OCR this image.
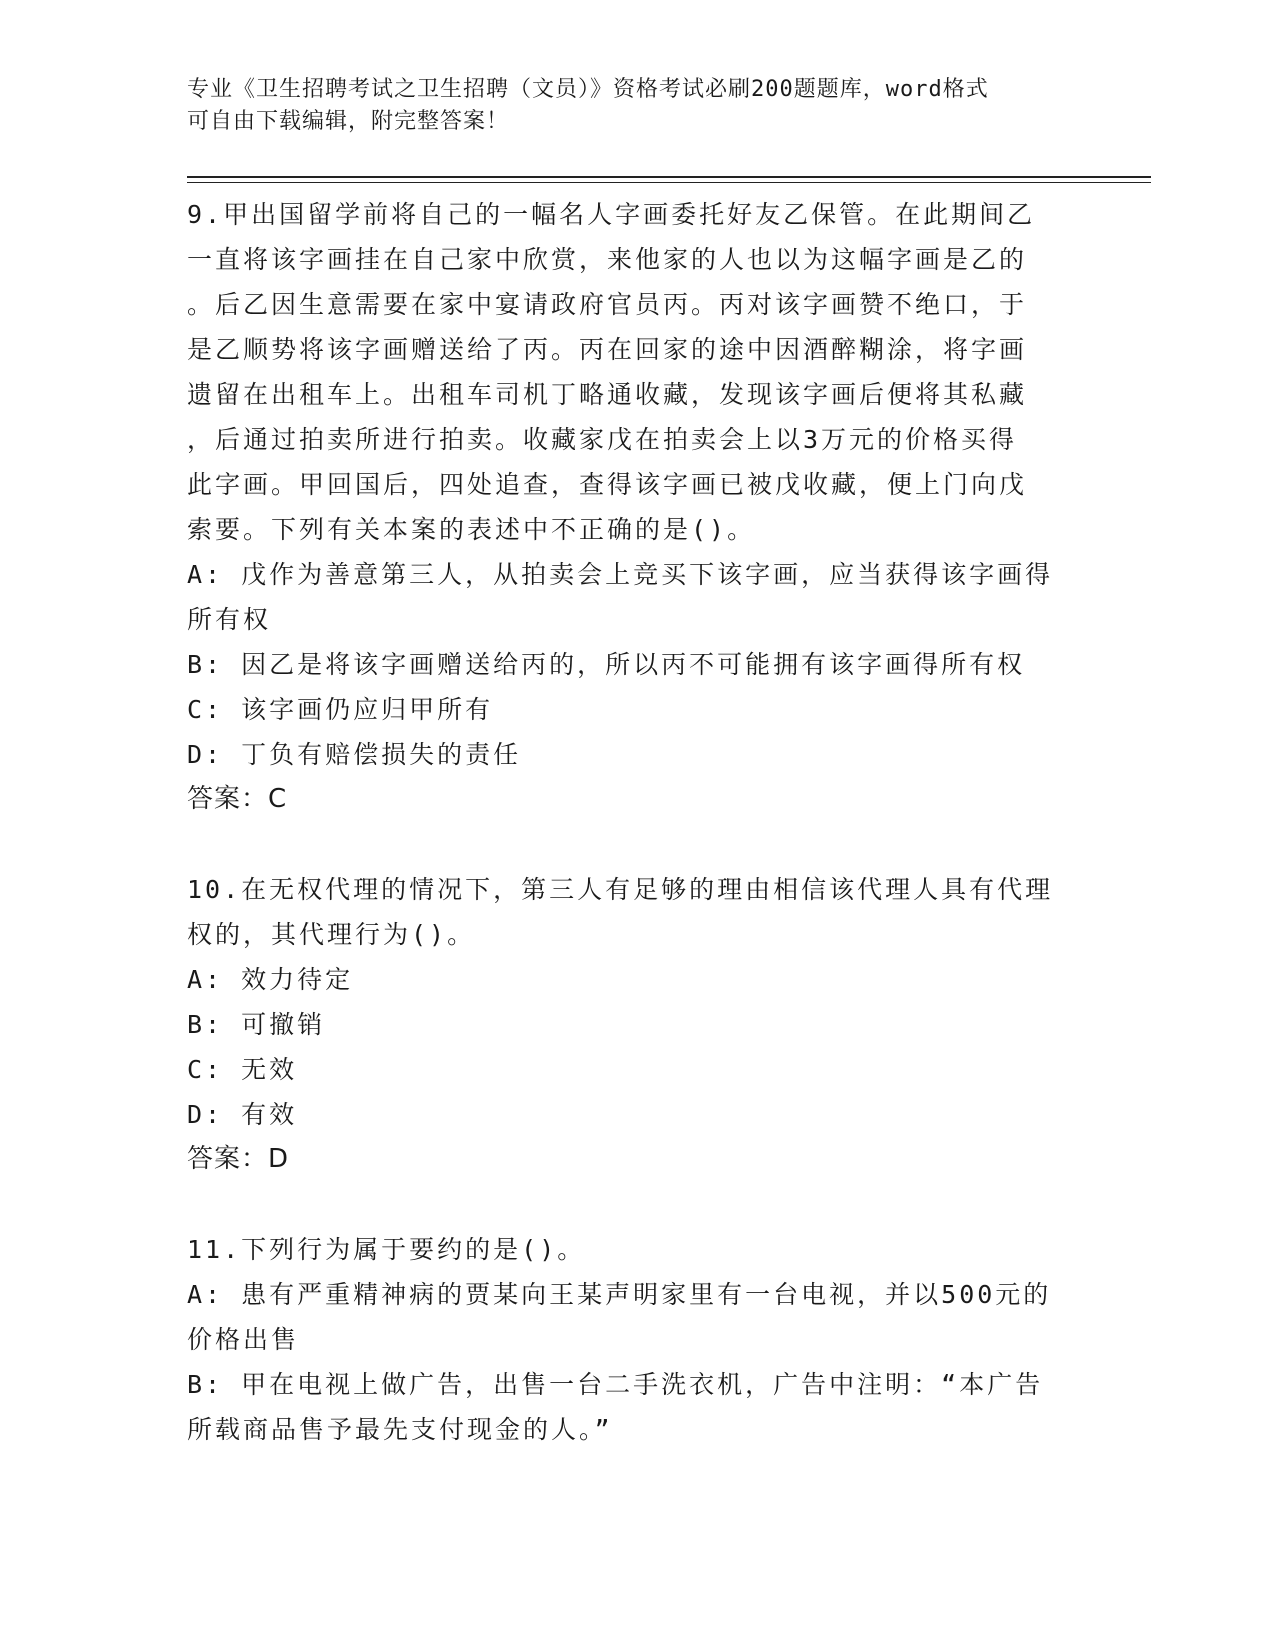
专业《卫生招聘考试之卫生招聘（文员）》资格考试必刷200题题库，word格式
可自由下载编辑，附完整答案！
9.甲出国留学前将自己的一幅名人字画委托好友乙保管。在此期间乙
一直将该字画挂在自己家中欣赏，来他家的人也以为这幅字画是乙的
。后乙因生意需要在家中宴请政府官员丙。丙对该字画赞不绝口，于
是乙顺势将该字画赠送给了丙。丙在回家的途中因酒醉糊涂，将字画
遗留在出租车上。出租车司机丁略通收藏，发现该字画后便将其私藏
，后通过拍卖所进行拍卖。收藏家戊在拍卖会上以3万元的价格买得
此字画。甲回国后，四处追查，查得该字画已被戊收藏，便上门向戊
索要。下列有关本案的表述中不正确的是()。
A: 戊作为善意第三人，从拍卖会上竞买下该字画，应当获得该字画得
所有权
B: 因乙是将该字画赠送给丙的，所以丙不可能拥有该字画得所有权
C: 该字画仍应归甲所有
D: 丁负有赔偿损失的责任
答案：C
10.在无权代理的情况下，第三人有足够的理由相信该代理人具有代理
权的，其代理行为()。
A: 效力待定
B: 可撤销
C: 无效
D: 有效
答案：D
11.下列行为属于要约的是()。
A: 患有严重精神病的贾某向王某声明家里有一台电视，并以500元的
价格出售
B: 甲在电视上做广告，出售一台二手洗衣机，广告中注明：“本广告
所载商品售予最先支付现金的人。”
